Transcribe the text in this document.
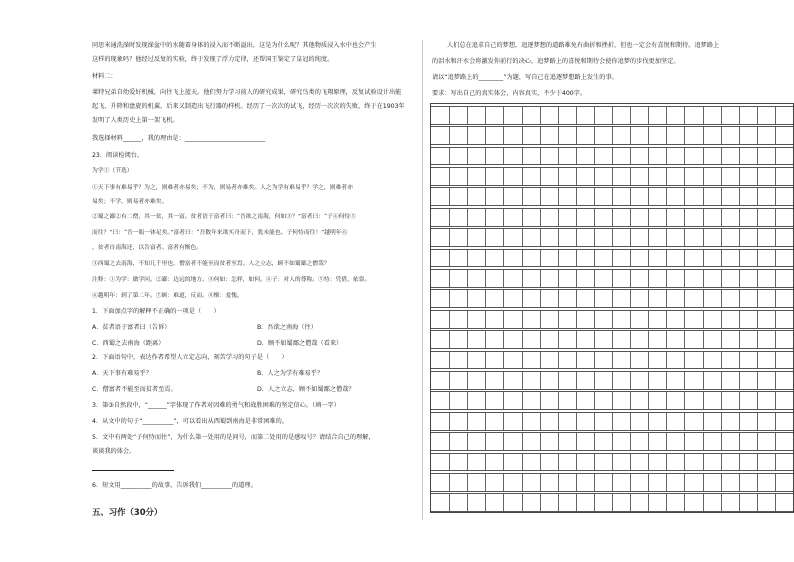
同思米通洗澡时发现澡盆中的水随着身体的浸入而不断溢出，这是为什么呢？其他物质浸入水中也会产生
这样的现象吗？他经过反复的实验，终于发现了浮力定律，还帮国王鉴定了皇冠的纯度。
材料二：
莱特兄弟自幼爱好机械，向往飞上蓝天。他们努力学习前人的研究成果，研究鸟类的飞翔原理，反复试验设计出能
起飞、升降和盘旋的机翼，后来又制造出飞行器的样机。经历了一次次的试飞，经历一次次的失败，终于在1903年
发明了人类历史上第一架飞机。
我选择材料______，我的理由是：__________________________
23．阅读检阅台。
为学①（节选）
①天下事有难易乎？为之，则难者亦易矣；不为，则易者亦难矣。人之为学有难易乎？学之，则难者亦
易矣；不学，则易者亦难矣。
②蜀之鄙②有二僧，其一贫，其一富。贫者语于富者曰：“吾欲之南海，何如③？”富者曰：“子④何恃⑤
而往？”曰：“吾一瓶一钵足矣。”富者曰：“吾数年来欲买舟而下，犹未能也。子何恃而往！”越明年⑥
，贫者自南海还，以告富者。富者有惭色。
③西蜀之去南海，不知几千里也，僧富者不能至而贫者至焉。人之立志，顾不如蜀鄙之僧哉？
注释：①为学：做学问。②鄙：边远的地方。③何如：怎样，如何。④子：对人的尊称。⑤恃：凭借，依靠。
⑥越明年：到了第二年。⑦顾：难道，反而。⑧惭：羞愧。
1．下面加点字的解释不正确的一项是（　　）
A．贫者语于富者曰（告诉）	B．吾欲之南海（往）
C．西蜀之去南海（距离）	D．顾不如蜀鄙之僧哉（看来）
2．下面语句中，表达作者希望人立定志向，刻苦学习的句子是（　　）
A．天下事有难易乎？	B．人之为学有难易乎？
C．僧富者不能至而贫者至焉。	D．人之立志，顾不如蜀鄙之僧哉？
3．第③自然段中，“______”字体现了作者对因难的勇气和战胜困难的坚定信心。（填一字）
4．从文中的句子“__________”，可以看出从西蜀到南海是非常困难的。
5．文中有两处“子何恃而往”，为什么第一处用的是问号，而第二处用的是感叹号？请结合自己的理解，
谈谈我的体会。
6．短文用__________的故事，告诉我们__________的道理。
五、习作（30分）
人们总在追求自己的梦想，追逐梦想的道路难免有曲折和挫折，但也一定会有喜悦和期待。追梦路上
的泪水和汗水会将激发你前行的决心，追梦路上的喜悦和期待会使你追梦的步伐更加坚定。
请以“追梦路上的________”为题，写自己在追逐梦想路上发生的事。
要求：写出自己的真实体会，内容真实，不少于400字。
